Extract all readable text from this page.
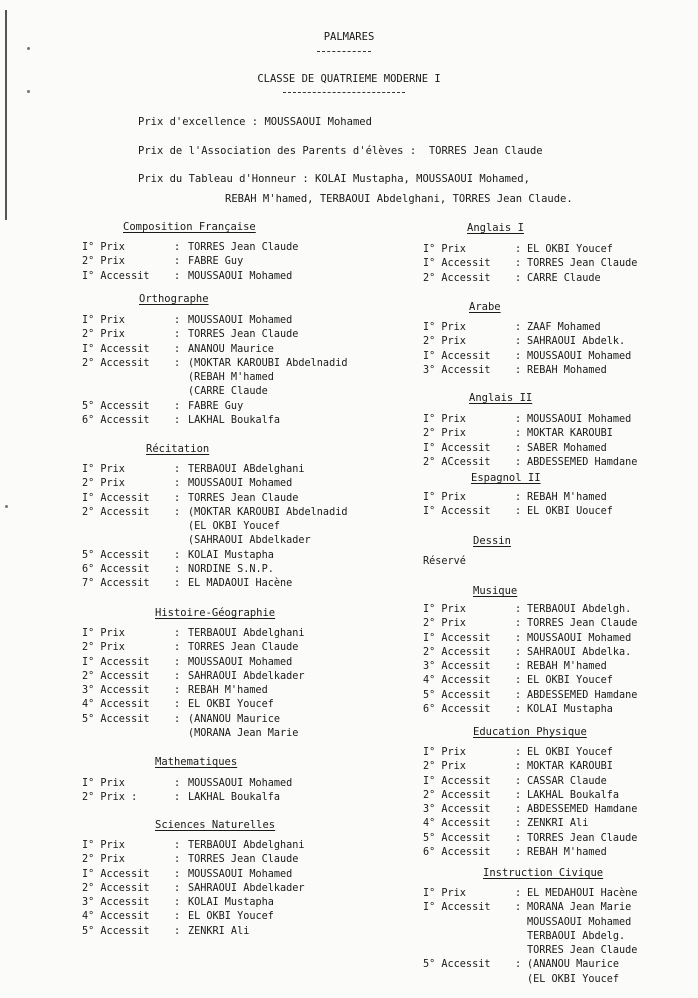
PALMARES
CLASSE DE QUATRIEME MODERNE I
Prix d'excellence : MOUSSAOUI Mohamed
Prix de l'Association des Parents d'élèves : TORRES Jean Claude
Prix du Tableau d'Honneur : KOLAI Mustapha, MOUSSAOUI Mohamed,
REBAH M'hamed, TERBAOUI Abdelghani, TORRES Jean Claude.
Composition Française
I° Prix	: TORRES Jean Claude
2° Prix	: FABRE Guy
I° Accessit	: MOUSSAOUI Mohamed
Orthographe
I° Prix	: MOUSSAOUI Mohamed
2° Prix	: TORRES Jean Claude
I° Accessit	: ANANOU Maurice
2° Accessit	: (MOKTAR KAROUBI Abdelnadid
(REBAH M'hamed
(CARRE Claude
5° Accessit	: FABRE Guy
6° Accessit	: LAKHAL Boukalfa
Récitation
I° Prix	: TERBAOUI ABdelghani
2° Prix	: MOUSSAOUI Mohamed
I° Accessit	: TORRES Jean Claude
2° Accessit	: (MOKTAR KAROUBI Abdelnadid
(EL OKBI Youcef
(SAHRAOUI Abdelkader
5° Accessit	: KOLAI Mustapha
6° Accessit	: NORDINE S.N.P.
7° Accessit	: EL MADAOUI Hacène
Histoire-Géographie
I° Prix	: TERBAOUI Abdelghani
2° Prix	: TORRES Jean Claude
I° Accessit	: MOUSSAOUI Mohamed
2° Accessit	: SAHRAOUI Abdelkader
3° Accessit	: REBAH M'hamed
4° Accessit	: EL OKBI Youcef
5° Accessit	: (ANANOU Maurice
(MORANA Jean Marie
Mathematiques
I° Prix	: MOUSSAOUI Mohamed
2° Prix :	: LAKHAL Boukalfa
Sciences Naturelles
I° Prix	: TERBAOUI Abdelghani
2° Prix	: TORRES Jean Claude
I° Accessit	: MOUSSAOUI Mohamed
2° Accessit	: SAHRAOUI Abdelkader
3° Accessit	: KOLAI Mustapha
4° Accessit	: EL OKBI Youcef
5° Accessit	: ZENKRI Ali
Anglais I
I° Prix	: EL OKBI Youcef
I° Accessit	: TORRES Jean Claude
2° Accessit	: CARRE Claude
Arabe
I° Prix	: ZAAF Mohamed
2° Prix	: SAHRAOUI Abdelk.
I° Accessit	: MOUSSAOUI Mohamed
3° Accessit	: REBAH Mohamed
Anglais II
I° Prix	: MOUSSAOUI Mohamed
2° Prix	: MOKTAR KAROUBI
I° Accessit	: SABER Mohamed
2° ACcessit	: ABDESSEMED Hamdane
Espagnol II
I° Prix	: REBAH M'hamed
I° Accessit	: EL OKBI Uoucef
Dessin
Réservé
Musique
I° Prix	: TERBAOUI Abdelgh.
2° Prix	: TORRES Jean Claude
I° Accessit	: MOUSSAOUI Mohamed
2° Accessit	: SAHRAOUI Abdelka.
3° Accessit	: REBAH M'hamed
4° Accessit	: EL OKBI Youcef
5° Accessit	: ABDESSEMED Hamdane
6° Accessit	: KOLAI Mustapha
Education Physique
I° Prix	: EL OKBI Youcef
2° Prix	: MOKTAR KAROUBI
I° Accessit	: CASSAR Claude
2° Accessit	: LAKHAL Boukalfa
3° Accessit	: ABDESSEMED Hamdane
4° Accessit	: ZENKRI Ali
5° Accessit	: TORRES Jean Claude
6° Accessit	: REBAH M'hamed
Instruction Civique
I° Prix	: EL MEDAHOUI Hacène
I° Accessit	: MORANA Jean Marie
MOUSSAOUI Mohamed
TERBAOUI Abdelg.
TORRES Jean Claude
5° Accessit	: (ANANOU Maurice
(EL OKBI Youcef
